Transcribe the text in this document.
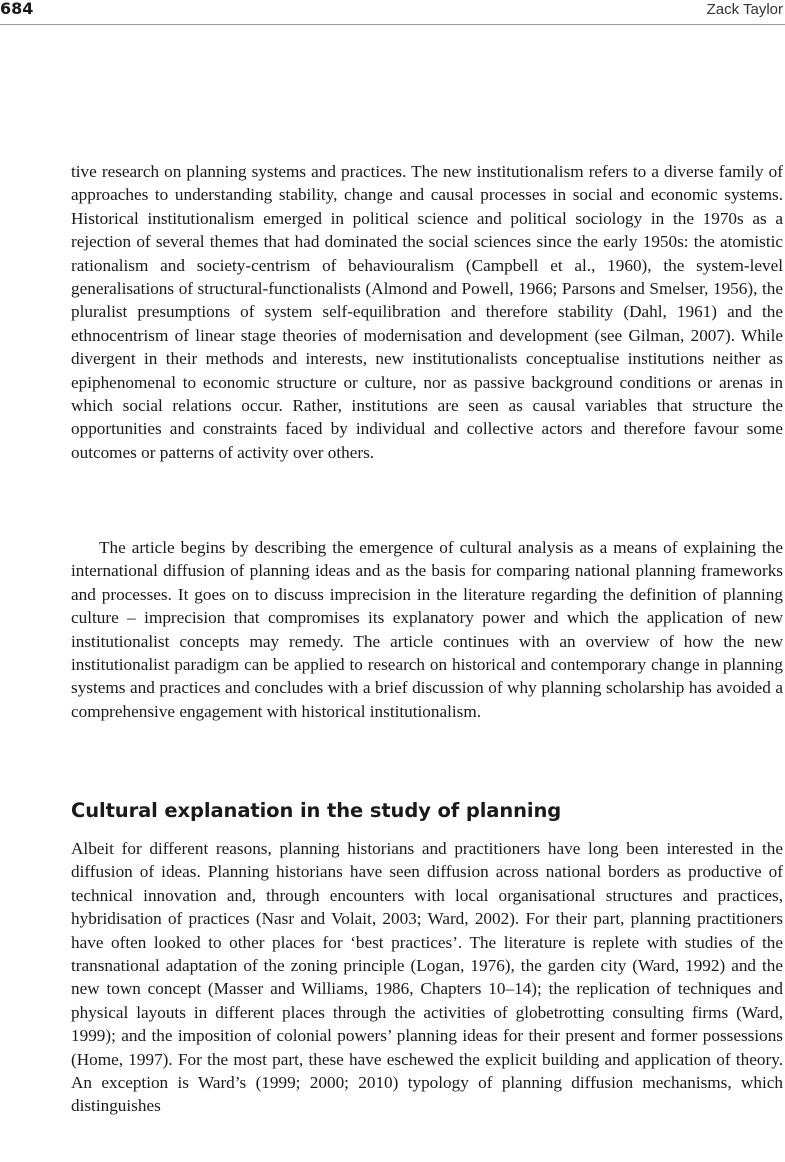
684	Zack Taylor

tive research on planning systems and practices. The new institutionalism refers to a diverse family of approaches to understanding stability, change and causal processes in social and economic systems. Historical institutionalism emerged in political science and political sociology in the 1970s as a rejection of several themes that had dominated the social sciences since the early 1950s: the atomistic rationalism and society-centrism of behaviouralism (Campbell et al., 1960), the system-level generalisations of structural-functionalists (Almond and Powell, 1966; Parsons and Smelser, 1956), the pluralist presumptions of system self-equilibration and therefore stability (Dahl, 1961) and the ethnocentrism of linear stage theories of modernisation and development (see Gilman, 2007). While divergent in their methods and interests, new institutionalists conceptualise institutions neither as epiphenomenal to economic structure or culture, nor as passive background conditions or arenas in which social relations occur. Rather, institutions are seen as causal variables that structure the opportunities and constraints faced by individual and collective actors and therefore favour some outcomes or patterns of activity over others.

The article begins by describing the emergence of cultural analysis as a means of explaining the international diffusion of planning ideas and as the basis for comparing national planning frameworks and processes. It goes on to discuss imprecision in the literature regarding the definition of planning culture – imprecision that compromises its explanatory power and which the application of new institutionalist concepts may remedy. The article continues with an overview of how the new institutionalist paradigm can be applied to research on historical and contemporary change in planning systems and practices and concludes with a brief discussion of why planning scholarship has avoided a comprehensive engagement with historical institutionalism.

Cultural explanation in the study of planning

Albeit for different reasons, planning historians and practitioners have long been interested in the diffusion of ideas. Planning historians have seen diffusion across national borders as productive of technical innovation and, through encounters with local organisational structures and practices, hybridisation of practices (Nasr and Volait, 2003; Ward, 2002). For their part, planning practitioners have often looked to other places for ‘best practices’. The literature is replete with studies of the transnational adaptation of the zoning principle (Logan, 1976), the garden city (Ward, 1992) and the new town concept (Masser and Williams, 1986, Chapters 10–14); the replication of techniques and physical layouts in different places through the activities of globetrotting consulting firms (Ward, 1999); and the imposition of colonial powers’ planning ideas for their present and former possessions (Home, 1997). For the most part, these have eschewed the explicit building and application of theory. An exception is Ward’s (1999; 2000; 2010) typology of planning diffusion mechanisms, which distinguishes
